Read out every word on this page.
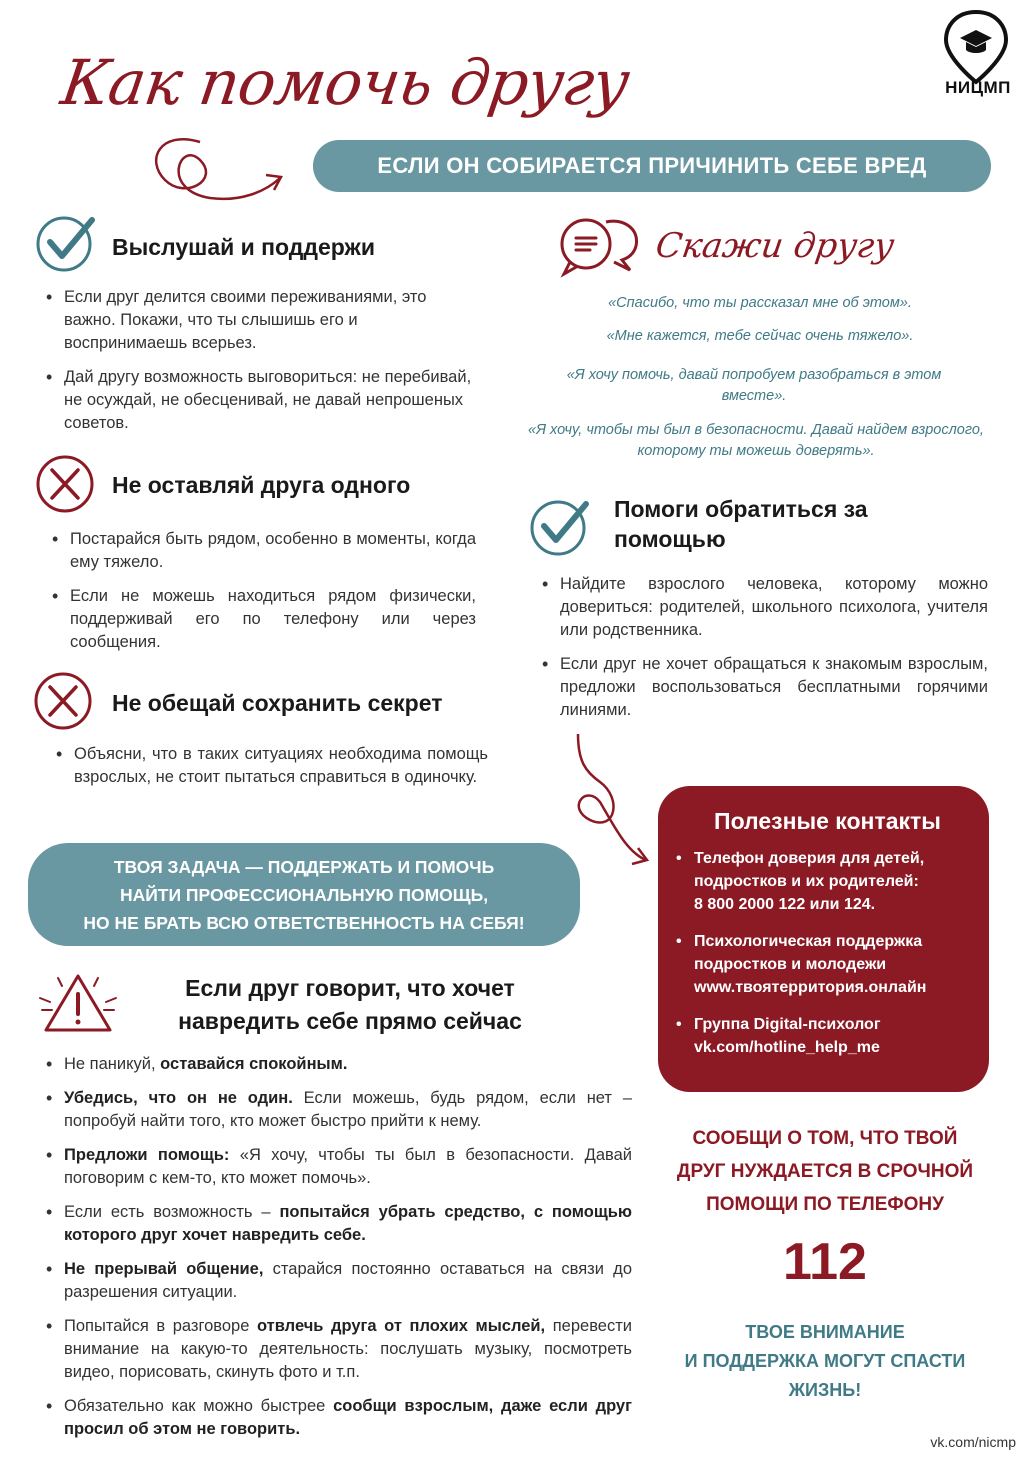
Как помочь другу	НИЦМП
ЕСЛИ ОН СОБИРАЕТСЯ ПРИЧИНИТЬ СЕБЕ ВРЕД
Выслушай и поддержи
• Если друг делится своими переживаниями, это важно. Покажи, что ты слышишь его и воспринимаешь всерьез.
• Дай другу возможность выговориться: не перебивай, не осуждай, не обесценивай, не давай непрошеных советов.
Не оставляй друга одного
• Постарайся быть рядом, особенно в моменты, когда ему тяжело.
• Если не можешь находиться рядом физически, поддерживай его по телефону или через сообщения.
Не обещай сохранить секрет
• Объясни, что в таких ситуациях необходима помощь взрослых, не стоит пытаться справиться в одиночку.
Скажи другу
«Спасибо, что ты рассказал мне об этом».
«Мне кажется, тебе сейчас очень тяжело».
«Я хочу помочь, давай попробуем разобраться в этом вместе».
«Я хочу, чтобы ты был в безопасности. Давай найдем взрослого, которому ты можешь доверять».
Помоги обратиться за помощью
• Найдите взрослого человека, которому можно довериться: родителей, школьного психолога, учителя или родственника.
• Если друг не хочет обращаться к знакомым взрослым, предложи воспользоваться бесплатными горячими линиями.
ТВОЯ ЗАДАЧА — ПОДДЕРЖАТЬ И ПОМОЧЬ
НАЙТИ ПРОФЕССИОНАЛЬНУЮ ПОМОЩЬ,
НО НЕ БРАТЬ ВСЮ ОТВЕТСТВЕННОСТЬ НА СЕБЯ!
Полезные контакты
• Телефон доверия для детей, подростков и их родителей:
8 800 2000 122 или 124.
• Психологическая поддержка подростков и молодежи
www.твоятерритория.онлайн
• Группа Digital-психолог
vk.com/hotline_help_me
Если друг говорит, что хочет
навредить себе прямо сейчас
• Не паникуй, оставайся спокойным.
• Убедись, что он не один. Если можешь, будь рядом, если нет – попробуй найти того, кто может быстро прийти к нему.
• Предложи помощь: «Я хочу, чтобы ты был в безопасности. Давай поговорим с кем-то, кто может помочь».
• Если есть возможность – попытайся убрать средство, с помощью которого друг хочет навредить себе.
• Не прерывай общение, старайся постоянно оставаться на связи до разрешения ситуации.
• Попытайся в разговоре отвлечь друга от плохих мыслей, перевести внимание на какую-то деятельность: послушать музыку, посмотреть видео, порисовать, скинуть фото и т.п.
• Обязательно как можно быстрее сообщи взрослым, даже если друг просил об этом не говорить.
СООБЩИ О ТОМ, ЧТО ТВОЙ
ДРУГ НУЖДАЕТСЯ В СРОЧНОЙ
ПОМОЩИ ПО ТЕЛЕФОНУ
112
ТВОЕ ВНИМАНИЕ
И ПОДДЕРЖКА МОГУТ СПАСТИ
ЖИЗНЬ!
vk.com/nicmp
